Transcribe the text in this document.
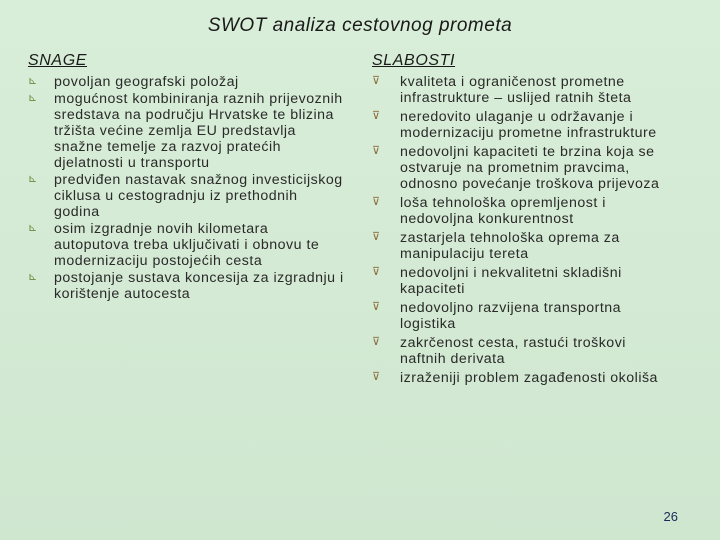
SWOT analiza cestovnog prometa
SNAGE
⊾ povoljan geografski položaj
⊾ mogućnost kombiniranja raznih prijevoznih sredstava na području Hrvatske te blizina tržišta većine zemlja EU predstavlja snažne temelje za razvoj pratećih djelatnosti u transportu
⊾ predviđen nastavak snažnog investicijskog ciklusa u cestogradnju iz prethodnih godina
⊾ osim izgradnje novih kilometara autoputova treba uključivati i obnovu te modernizaciju postojećih cesta
⊾ postojanje sustava koncesija za izgradnju i korištenje autocesta
SLABOSTI
⊽ kvaliteta i ograničenost prometne infrastrukture – uslijed ratnih šteta
⊽ neredovito ulaganje u održavanje i modernizaciju prometne infrastrukture
⊽ nedovoljni kapaciteti te brzina koja se ostvaruje na prometnim pravcima, odnosno povećanje troškova prijevoza
⊽ loša tehnološka opremljenost i nedovoljna konkurentnost
⊽ zastarjela tehnološka oprema za manipulaciju tereta
⊽ nedovoljni i nekvalitetni skladišni kapaciteti
⊽ nedovoljno razvijena transportna logistika
⊽ zakrčenost cesta, rastući troškovi naftnih derivata
⊽ izraženiji problem zagađenosti okoliša
26
